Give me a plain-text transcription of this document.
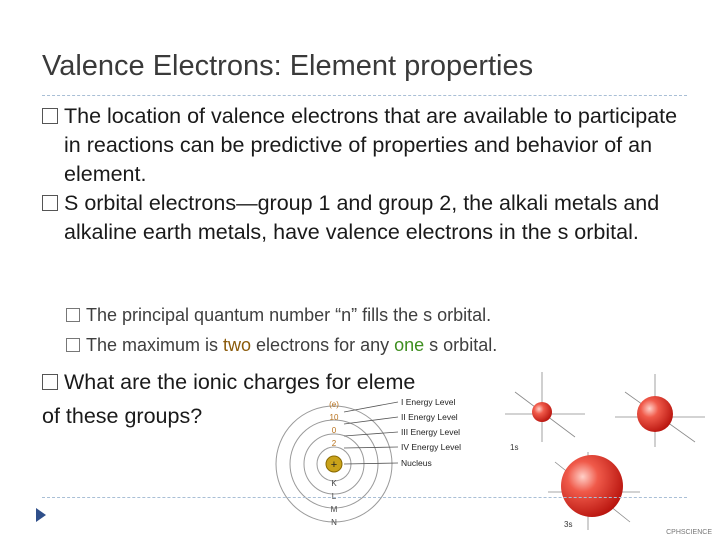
Valence Electrons: Element properties
The location of valence electrons that are available to participate in reactions can be predictive of properties and behavior of an element.
S orbital electrons—group 1 and group 2, the alkali metals and alkaline earth metals, have valence electrons in the s orbital.
The principal quantum number “n” fills the s orbital.
The maximum is two electrons for any one s orbital.
What are the ionic charges for eleme
of these groups?
+
(e)
10
0
2
K
L
M
N
I Energy Level
II Energy Level
III Energy Level
IV Energy Level
Nucleus
1s
3s
CPHSCIENCE
